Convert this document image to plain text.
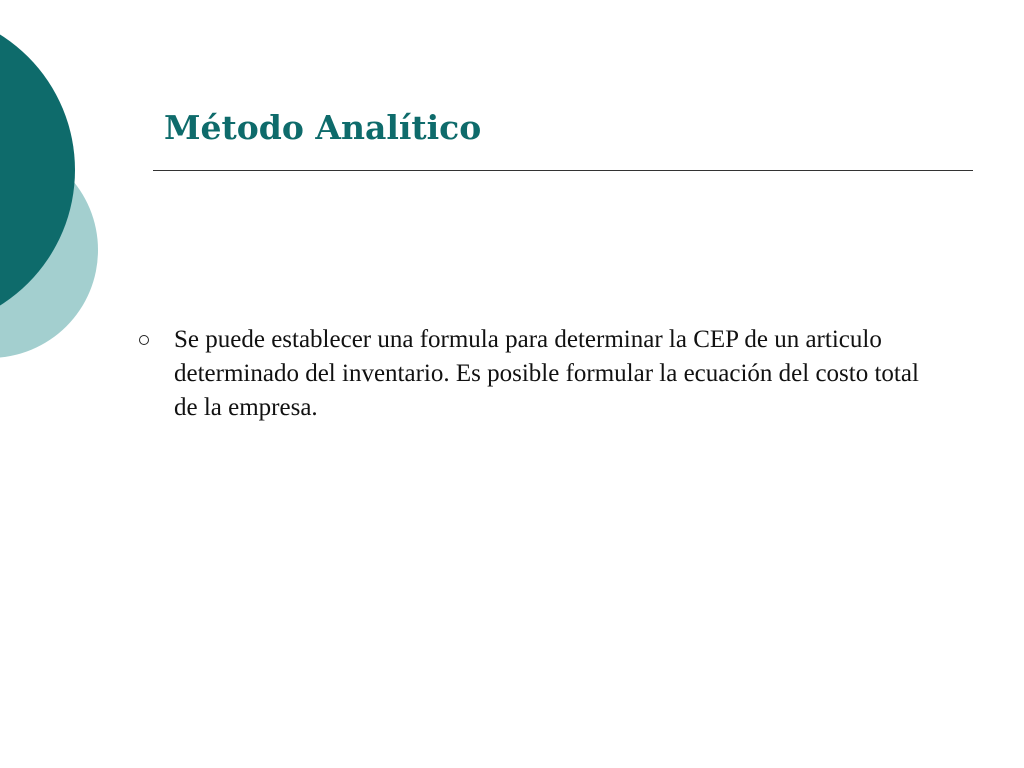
Método Analítico
Se puede establecer una formula para determinar la CEP de un articulo determinado del inventario. Es posible formular la ecuación del costo total de la empresa.
